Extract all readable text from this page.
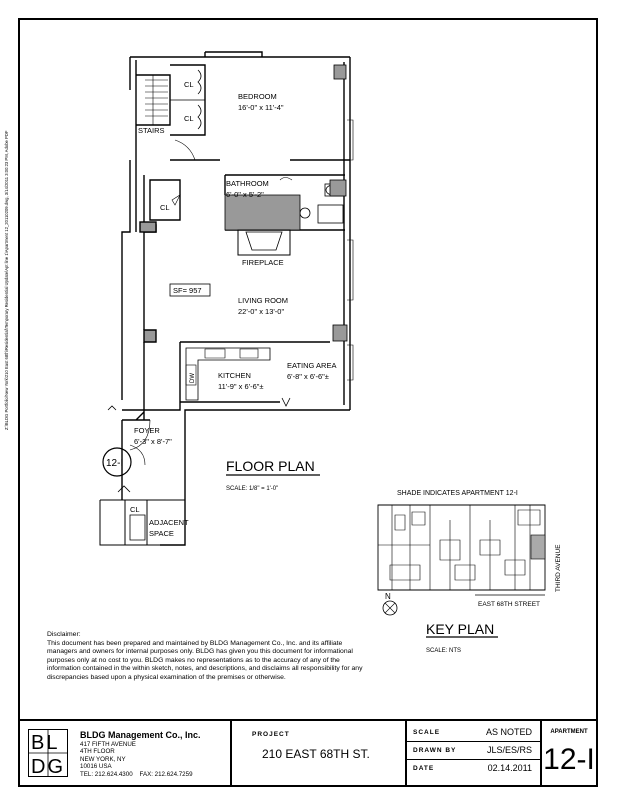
Z:\BLDG Portfolio\New York\210 East 68th\Residential\Temporary Residential Update\Apt line 1\Apartment 12_20110209.dwg, 3/14/2011 3:00:23 PM, Adobe PDF
CL
CL
BEDROOM
16'-0" x 11'-4"
STAIRS
BATHROOM
6'-0" x 5'-2"
CL
FIREPLACE
SF= 957
LIVING ROOM
22'-0" x 13'-0"
EATING AREA
6'-8" x 6'-6"±
KITCHEN
11'-9" x 6'-6"±
DW
FOYER
6'-3" x 8'-7"
12-I
CL
ADJACENT
SPACE
FLOOR PLAN
SCALE: 1/8" = 1'-0"
SHADE INDICATES APARTMENT 12-I
THIRD AVENUE
EAST 68TH STREET
N
KEY PLAN
SCALE: NTS
Disclaimer:
This document has been prepared and maintained by BLDG Management Co., Inc. and its affiliate managers and owners for internal purposes only. BLDG has given you this document for informational purposes only at no cost to you. BLDG makes no representations as to the accuracy of any of the information contained in the within sketch, notes, and descriptions, and disclaims all responsibility for any discrepancies based upon a physical examination of the premises or otherwise.
BL
DG
BLDG Management Co., Inc.
417 FIFTH AVENUE
4TH FLOOR
NEW YORK, NY
10016 USA
TEL: 212.624.4300 FAX: 212.624.7259
PROJECT
210 EAST 68TH ST.
SCALE	AS NOTED
DRAWN BY	JLS/ES/RS
DATE	02.14.2011
APARTMENT
12-I
